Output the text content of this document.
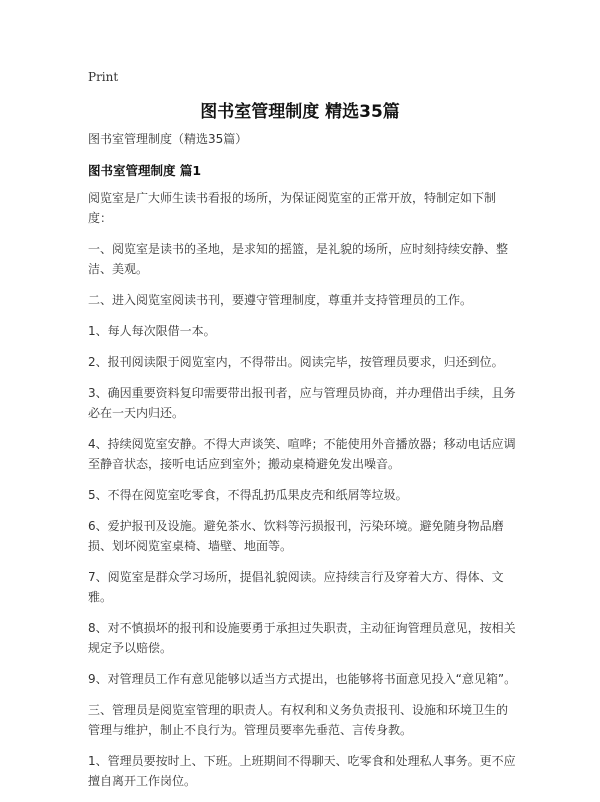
Print
图书室管理制度 精选35篇

图书室管理制度（精选35篇）

图书室管理制度 篇1

阅览室是广大师生读书看报的场所，为保证阅览室的正常开放，特制定如下制度：

一、阅览室是读书的圣地，是求知的摇篮，是礼貌的场所，应时刻持续安静、整洁、美观。

二、进入阅览室阅读书刊，要遵守管理制度，尊重并支持管理员的工作。

1、每人每次限借一本。

2、报刊阅读限于阅览室内，不得带出。阅读完毕，按管理员要求，归还到位。

3、确因重要资料复印需要带出报刊者，应与管理员协商，并办理借出手续，且务必在一天内归还。

4、持续阅览室安静。不得大声谈笑、喧哗；不能使用外音播放器；移动电话应调至静音状态，接听电话应到室外；搬动桌椅避免发出噪音。

5、不得在阅览室吃零食，不得乱扔瓜果皮壳和纸屑等垃圾。

6、爱护报刊及设施。避免茶水、饮料等污损报刊，污染环境。避免随身物品磨损、划坏阅览室桌椅、墙壁、地面等。

7、阅览室是群众学习场所，提倡礼貌阅读。应持续言行及穿着大方、得体、文雅。

8、对不慎损坏的报刊和设施要勇于承担过失职责，主动征询管理员意见，按相关规定予以赔偿。

9、对管理员工作有意见能够以适当方式提出，也能够将书面意见投入“意见箱”。

三、管理员是阅览室管理的职责人。有权利和义务负责报刊、设施和环境卫生的管理与维护，制止不良行为。管理员要率先垂范、言传身教。

1、管理员要按时上、下班。上班期间不得聊天、吃零食和处理私人事务。更不应擅自离开工作岗位。
